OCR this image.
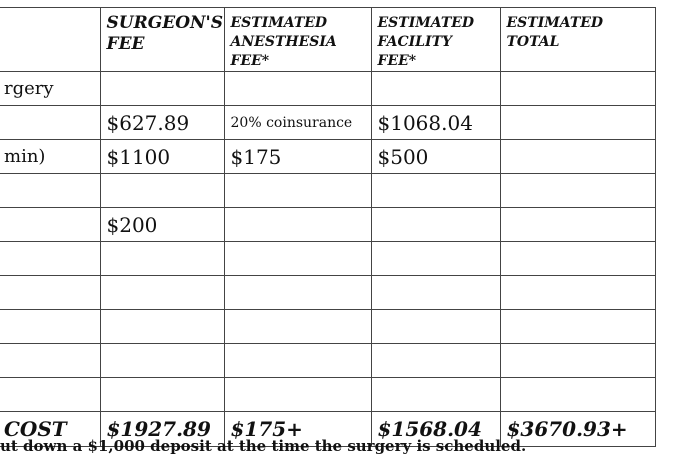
	SURGEON'S FEE	ESTIMATED ANESTHESIA FEE*	ESTIMATED FACILITY FEE*	ESTIMATED TOTAL
rgery				
	$627.89	20% coinsurance	$1068.04	
min)	$1100	$175	$500	

	$200			

COST	$1927.89	$175+	$1568.04	$3670.93+
ut down a $1,000 deposit at the time the surgery is scheduled.
